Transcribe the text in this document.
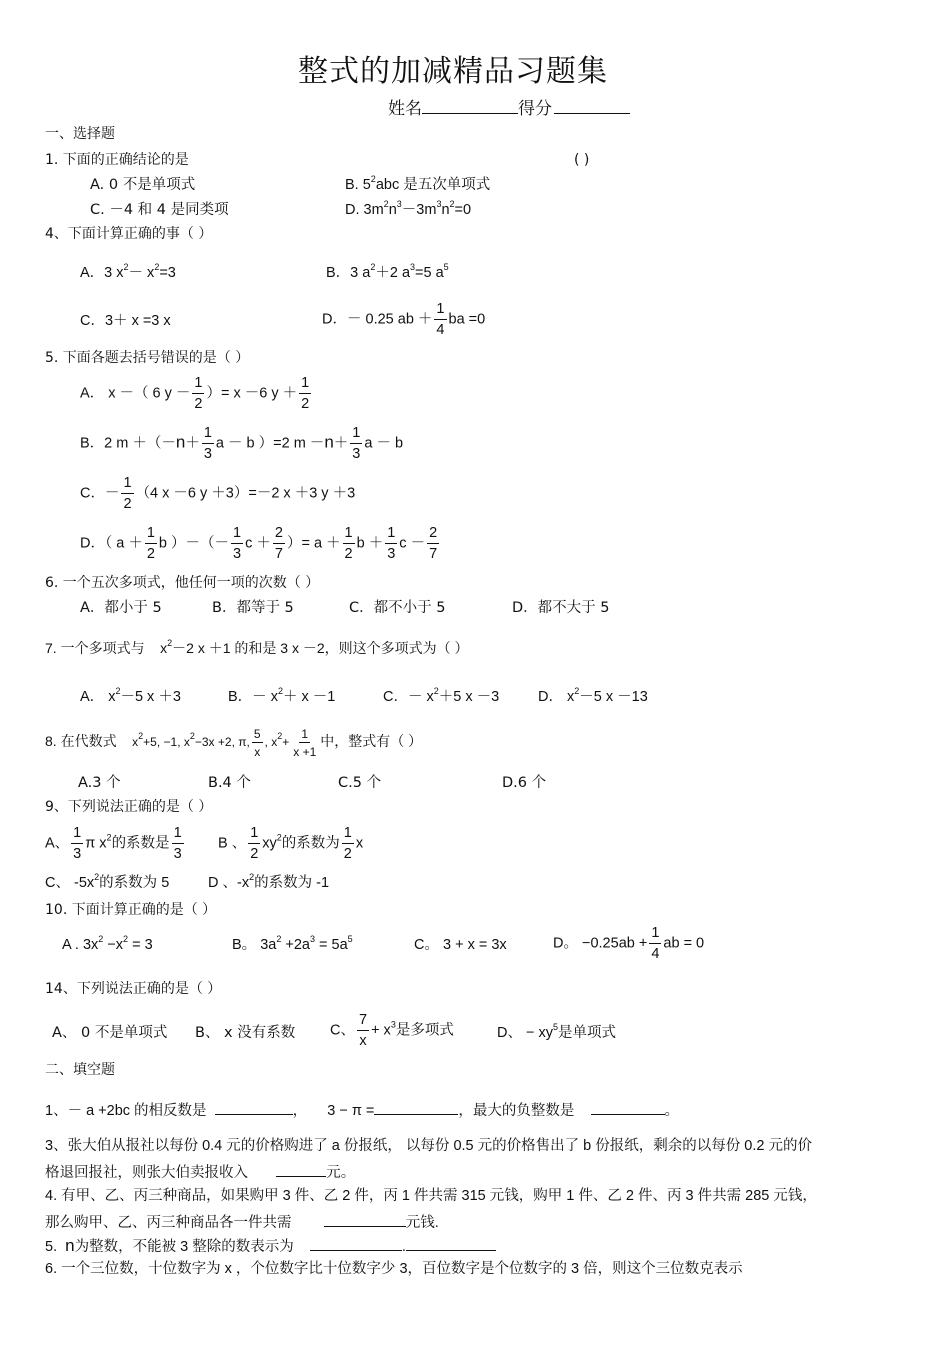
整式的加减精品习题集
姓名	得分
一、选择题
1. 下面的正确结论的是	( )
A. 0 不是单项式	B. $5^2abc$ 是五次单项式
C. －4 和 4 是同类项	D. $3m^2n^3-3m^3n^2=0$
4、下面计算正确的事（ ）
A．3 $x^2- x^2=3$	B．3 $a^2+2$ $a^3=5$ $a^5$
C．3＋ x =3 x	D．－ 0.25 ab ＋ $\frac{1}{4}$ ba =0
5. 下面各题去括号错误的是（ ）
A． x －（ 6 $y - \frac{1}{2}$ ）= x －6 $y + \frac{1}{2}$
B．2 $m +(-n+ \frac{1}{3}$ a － b ）=2 $m -n+ \frac{1}{3}$ a － b
C．－ $\frac{1}{2} (4$ x －6 y ＋3）=－2 x ＋3 y ＋3
D．（ $a + \frac{1}{2}$ b ）－（－ $\frac{1}{3}$ $c + \frac{2}{7}$ ）= $a + \frac{1}{2}$ $b + \frac{1}{3}$ $c - \frac{2}{7}$
6. 一个五次多项式，他任何一项的次数（ ）
A．都小于 5	B．都等于 5	C．都不小于 5	D．都不大于 5
7. 一个多项式与 $x^2-2$ x ＋1 的和是 3 x －2，则这个多项式为（ ）
A． $x^2-5$ x ＋3	B．－ $x^2+ x -1$	C．－ $x^2+5$ x －3	D． $x^2-5$ x －13
8. 在代数式 $x^2+5$, −1, $x^2-3x +2$, π, $\frac{5}{x}$ , $x^2+ \frac{1}{x +1}$ 中，整式有（ ）
A.3 个	B.4 个	C.5 个	D.6 个
9、下列说法正确的是（ ）
A、 $\frac{1}{3}$ π $x^2$的系数是 $\frac{1}{3}$ B 、 $\frac{1}{2} xy^2$的系数为 $\frac{1}{2}$ x
C、 $-5x^2$的系数为 5	D 、$-x^2$的系数为 -1
10. 下面计算正确的是（ ）
A . $3x^2 -x^2 = 3$	B。 $3a^2 +2a^3 = 5a^5$	C。 3 + x = 3x	D。 $-0.25ab + \frac{1}{4}$ ab = 0
14、下列说法正确的是（ ）
A、 0 不是单项式 B、 x 没有系数 C、 $\frac{7}{x} + x^3$是多项式	D、 − $xy^5$是单项式
二、填空题
1、－ a +2bc 的相反数是	， 3 − π =	，最大的负整数是	。
3、张大伯从报社以每份 0.4 元的价格购进了 a 份报纸， 以每份 0.5 元的价格售出了 b 份报纸，剩余的以每份 0.2 元的价
格退回报社，则张大伯卖报收入	元。
4. 有甲、乙、丙三种商品，如果购甲 3 件、乙 2 件，丙 1 件共需 315 元钱，购甲 1 件、乙 2 件、丙 3 件共需 285 元钱，
那么购甲、乙、丙三种商品各一件共需	元钱.
5. n为整数，不能被 3 整除的数表示为	.
6. 一个三位数，十位数字为 x ，个位数字比十位数字少 3，百位数字是个位数字的 3 倍，则这个三位数克表示
